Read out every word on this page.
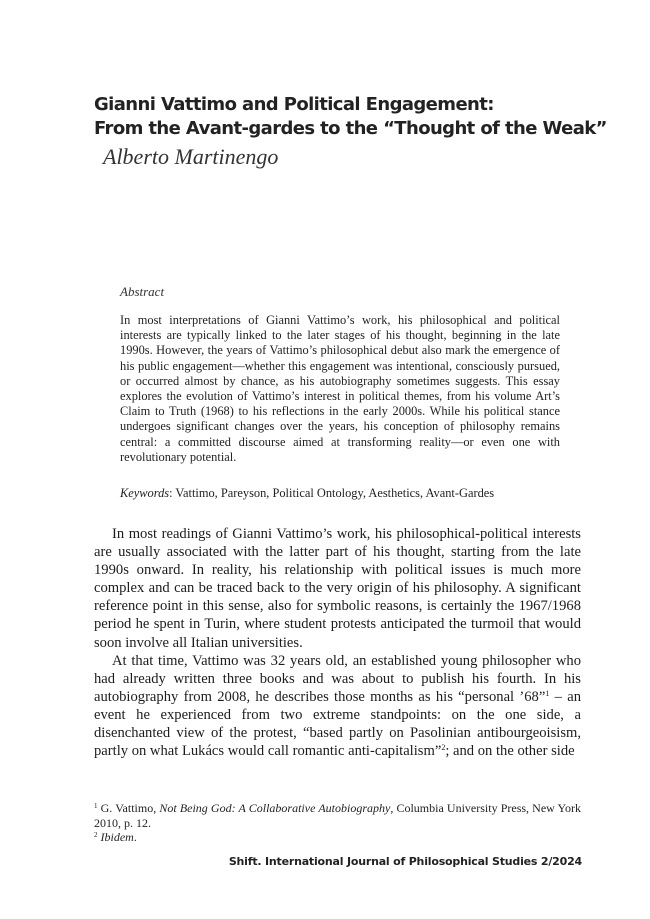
Gianni Vattimo and Political Engagement:
From the Avant-gardes to the “Thought of the Weak”
Alberto Martinengo
Abstract

In most interpretations of Gianni Vattimo’s work, his philosophical and political interests are typically linked to the later stages of his thought, beginning in the late 1990s. However, the years of Vattimo’s philosophical debut also mark the emergence of his public engagement—whether this engagement was intentional, consciously pursued, or occurred almost by chance, as his autobiography sometimes suggests. This essay explores the evolution of Vattimo’s interest in political themes, from his volume Art’s Claim to Truth (1968) to his reflections in the early 2000s. While his political stance undergoes significant changes over the years, his conception of philosophy remains central: a committed discourse aimed at transforming reality—or even one with revolutionary potential.

Keywords: Vattimo, Pareyson, Political Ontology, Aesthetics, Avant-Gardes

In most readings of Gianni Vattimo’s work, his philosophical-political interests are usually associated with the latter part of his thought, starting from the late 1990s onward. In reality, his relationship with political issues is much more complex and can be traced back to the very origin of his philosophy. A significant reference point in this sense, also for symbolic reasons, is certainly the 1967/1968 period he spent in Turin, where student protests anticipated the turmoil that would soon involve all Italian universities.

At that time, Vattimo was 32 years old, an established young philosopher who had already written three books and was about to publish his fourth. In his autobiography from 2008, he describes those months as his “personal ’68”$^1$ – an event he experienced from two extreme standpoints: on the one side, a disenchanted view of the protest, “based partly on Pasolinian antibourgeoisism, partly on what Lukács would call romantic anti-capitalism”$^2$; and on the other side

$^1$ G. Vattimo, Not Being God: A Collaborative Autobiography, Columbia University Press, New York 2010, p. 12.

$^2$ Ibidem.

Shift. International Journal of Philosophical Studies 2/2024
